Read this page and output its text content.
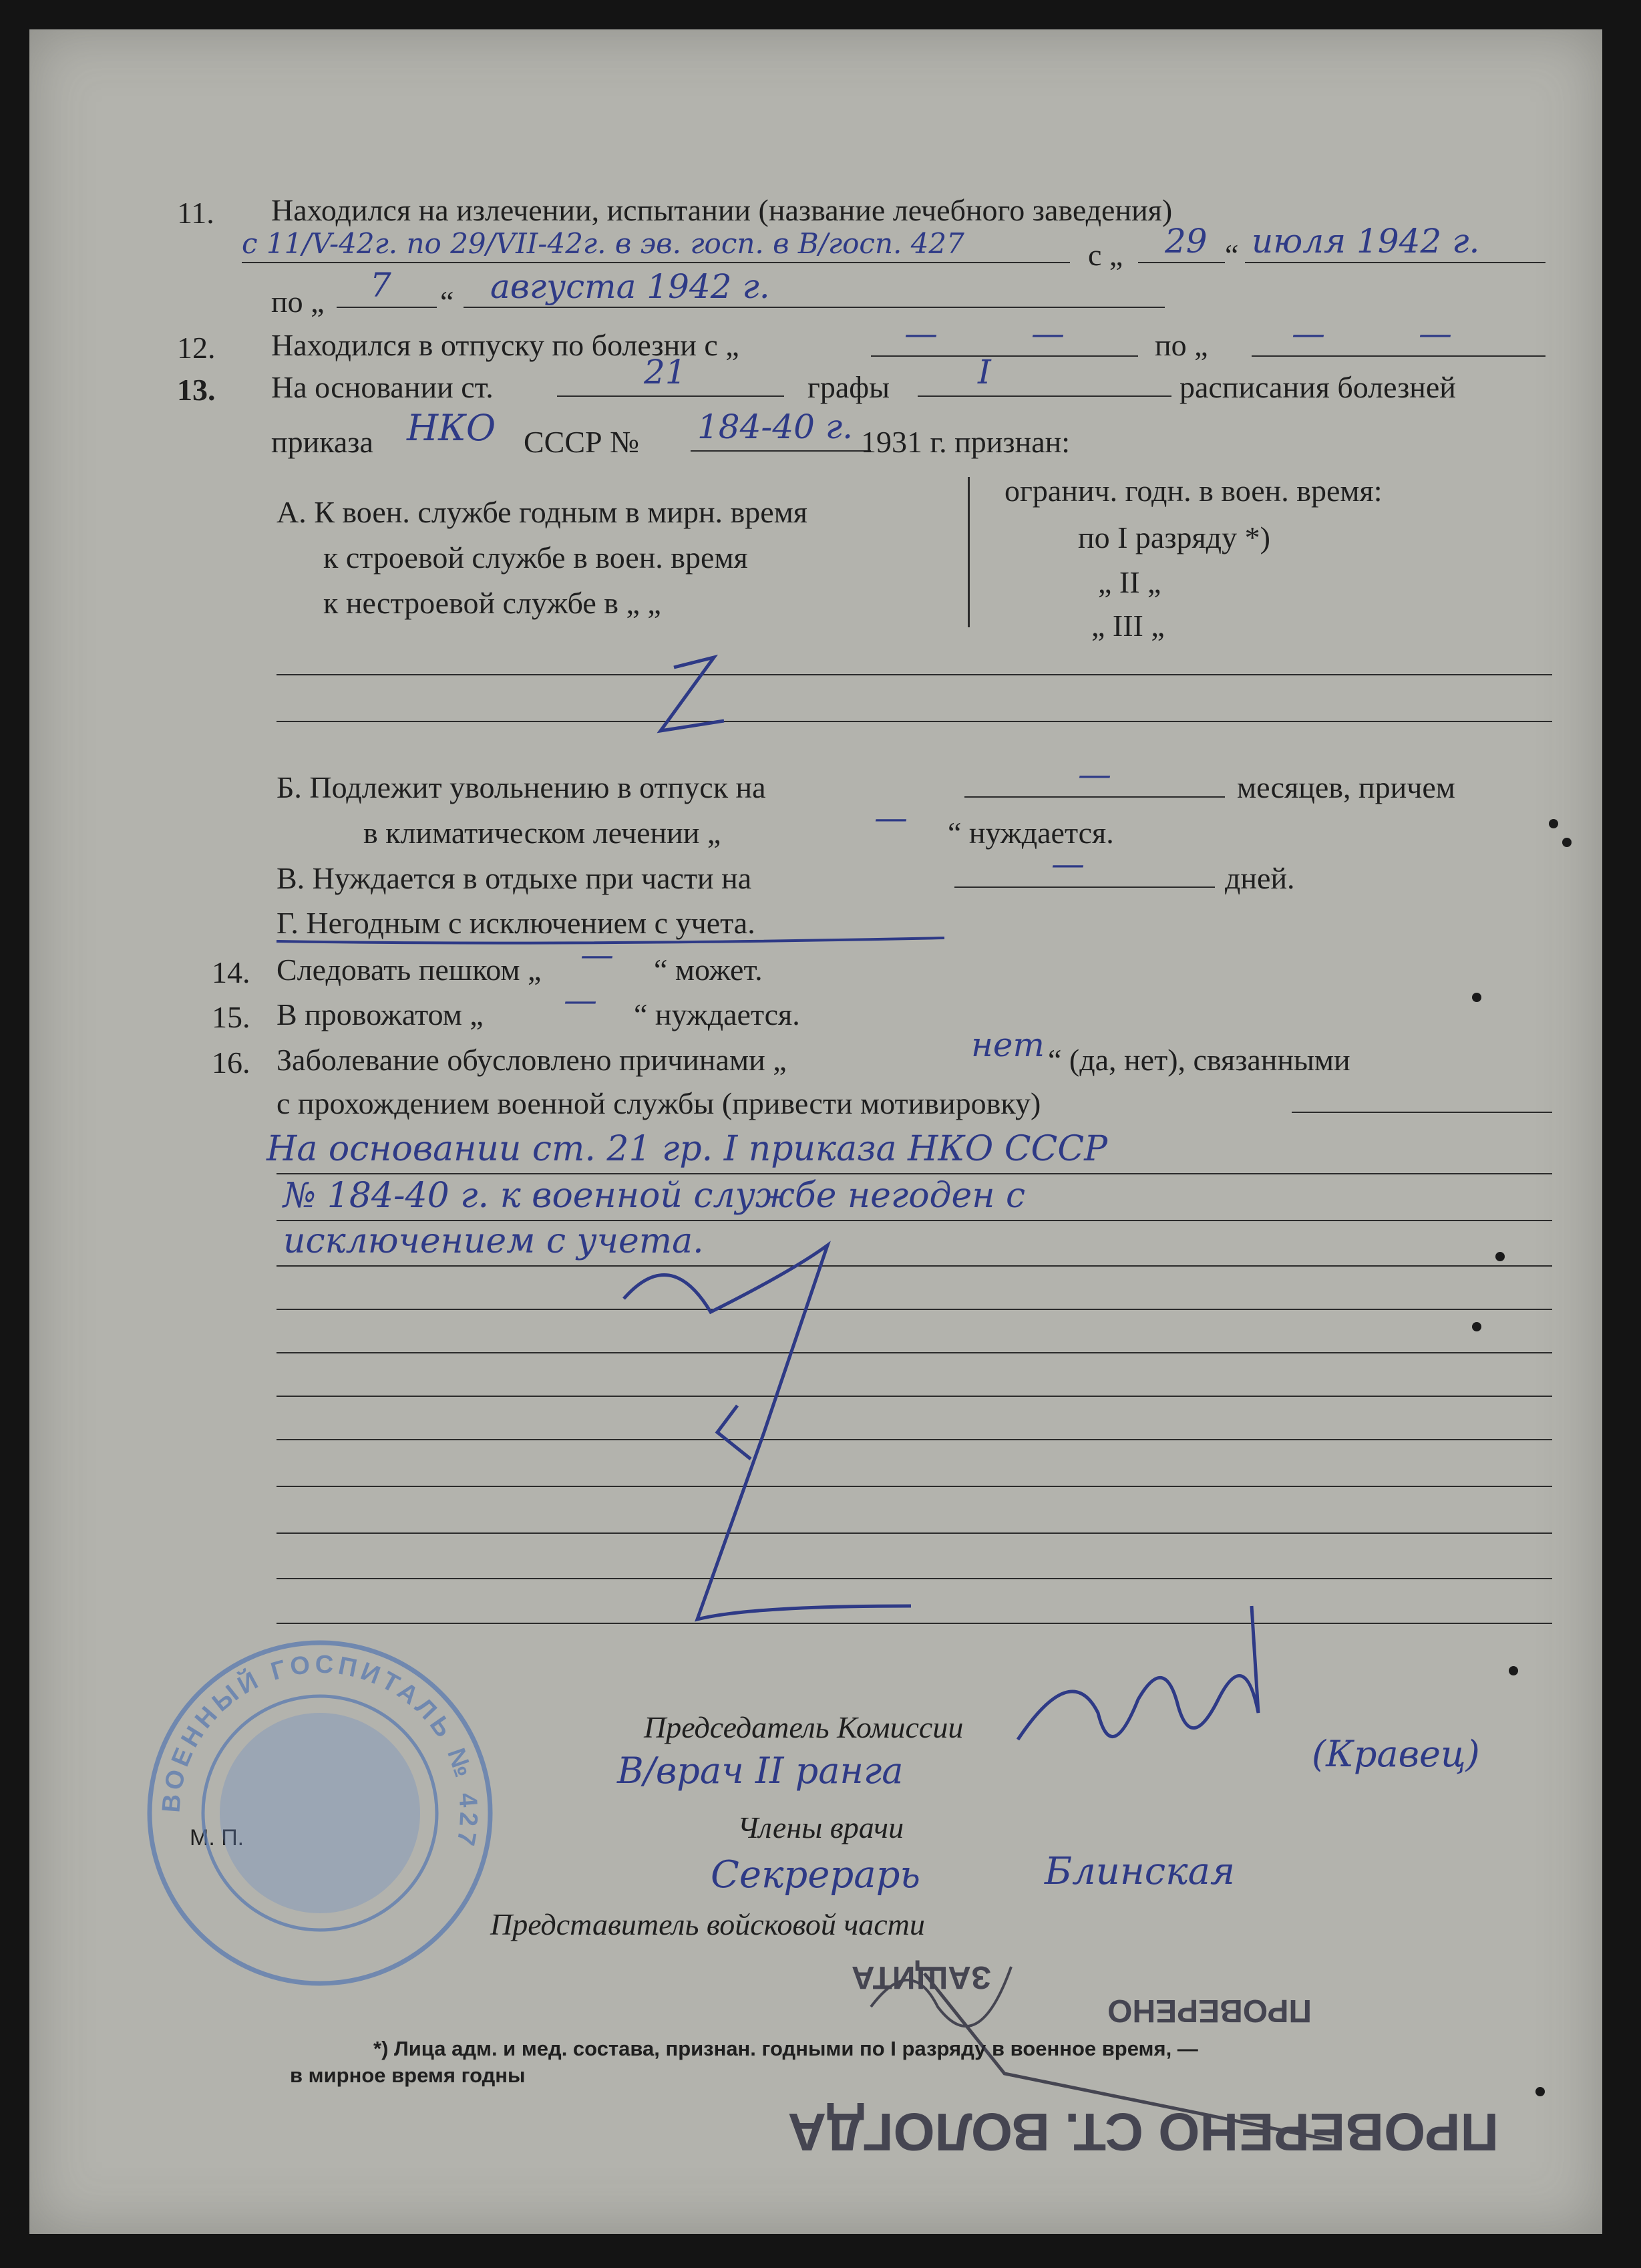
11. Находился на излечении, испытании (название лечебного заведения)
с 11/V-42г. по 29/VII-42г. в эв. госп. в В/госп. 427	с „ 29 “ июля 1942 г.
по „ 7 “ августа 1942 г.
12. Находился в отпуску по болезни с „	—	—	по „	—	—
13. На основании ст.	21	графы	I	расписания болезней
приказа НКО СССР № 184-40 г. 1931 г. признан:
А. К воен. службе годным в мирн. время
к строевой службе в воен. время
к нестроевой службе в „ „
огранич. годн. в воен. время:
по I разряду *)
„ II „
„ III „
Б. Подлежит увольнению в отпуск на	—	месяцев, причем
в климатическом лечении „	— “ нуждается.
В. Нуждается в отдыхе при части на	—	дней.
Г. Негодным с исключением с учета.
14. Следовать пешком „ — “ может.
15. В провожатом „ — “ нуждается.
16. Заболевание обусловлено причинами „	нет “ (да, нет), связанными
с прохождением военной службы (привести мотивировку)
На основании ст. 21 гр. I приказа НКО СССР
№ 184-40 г. к военной службе негоден с
исключением с учета.
Председатель Комиссии
В/врач II ранга	(Кравец)
Члены врачи
Секрерарь	Блинская
Представитель войсковой части
М. П.
*) Лица адм. и мед. состава, признан. годными по I разряду в военное время, —
в мирное время годны
ВОЕННЫЙ ГОСПИТАЛЬ № 427
ЗАЩИТА
ПРОВЕРЕНО
ПРОВЕРЕНО СТ. ВОЛОГДА
